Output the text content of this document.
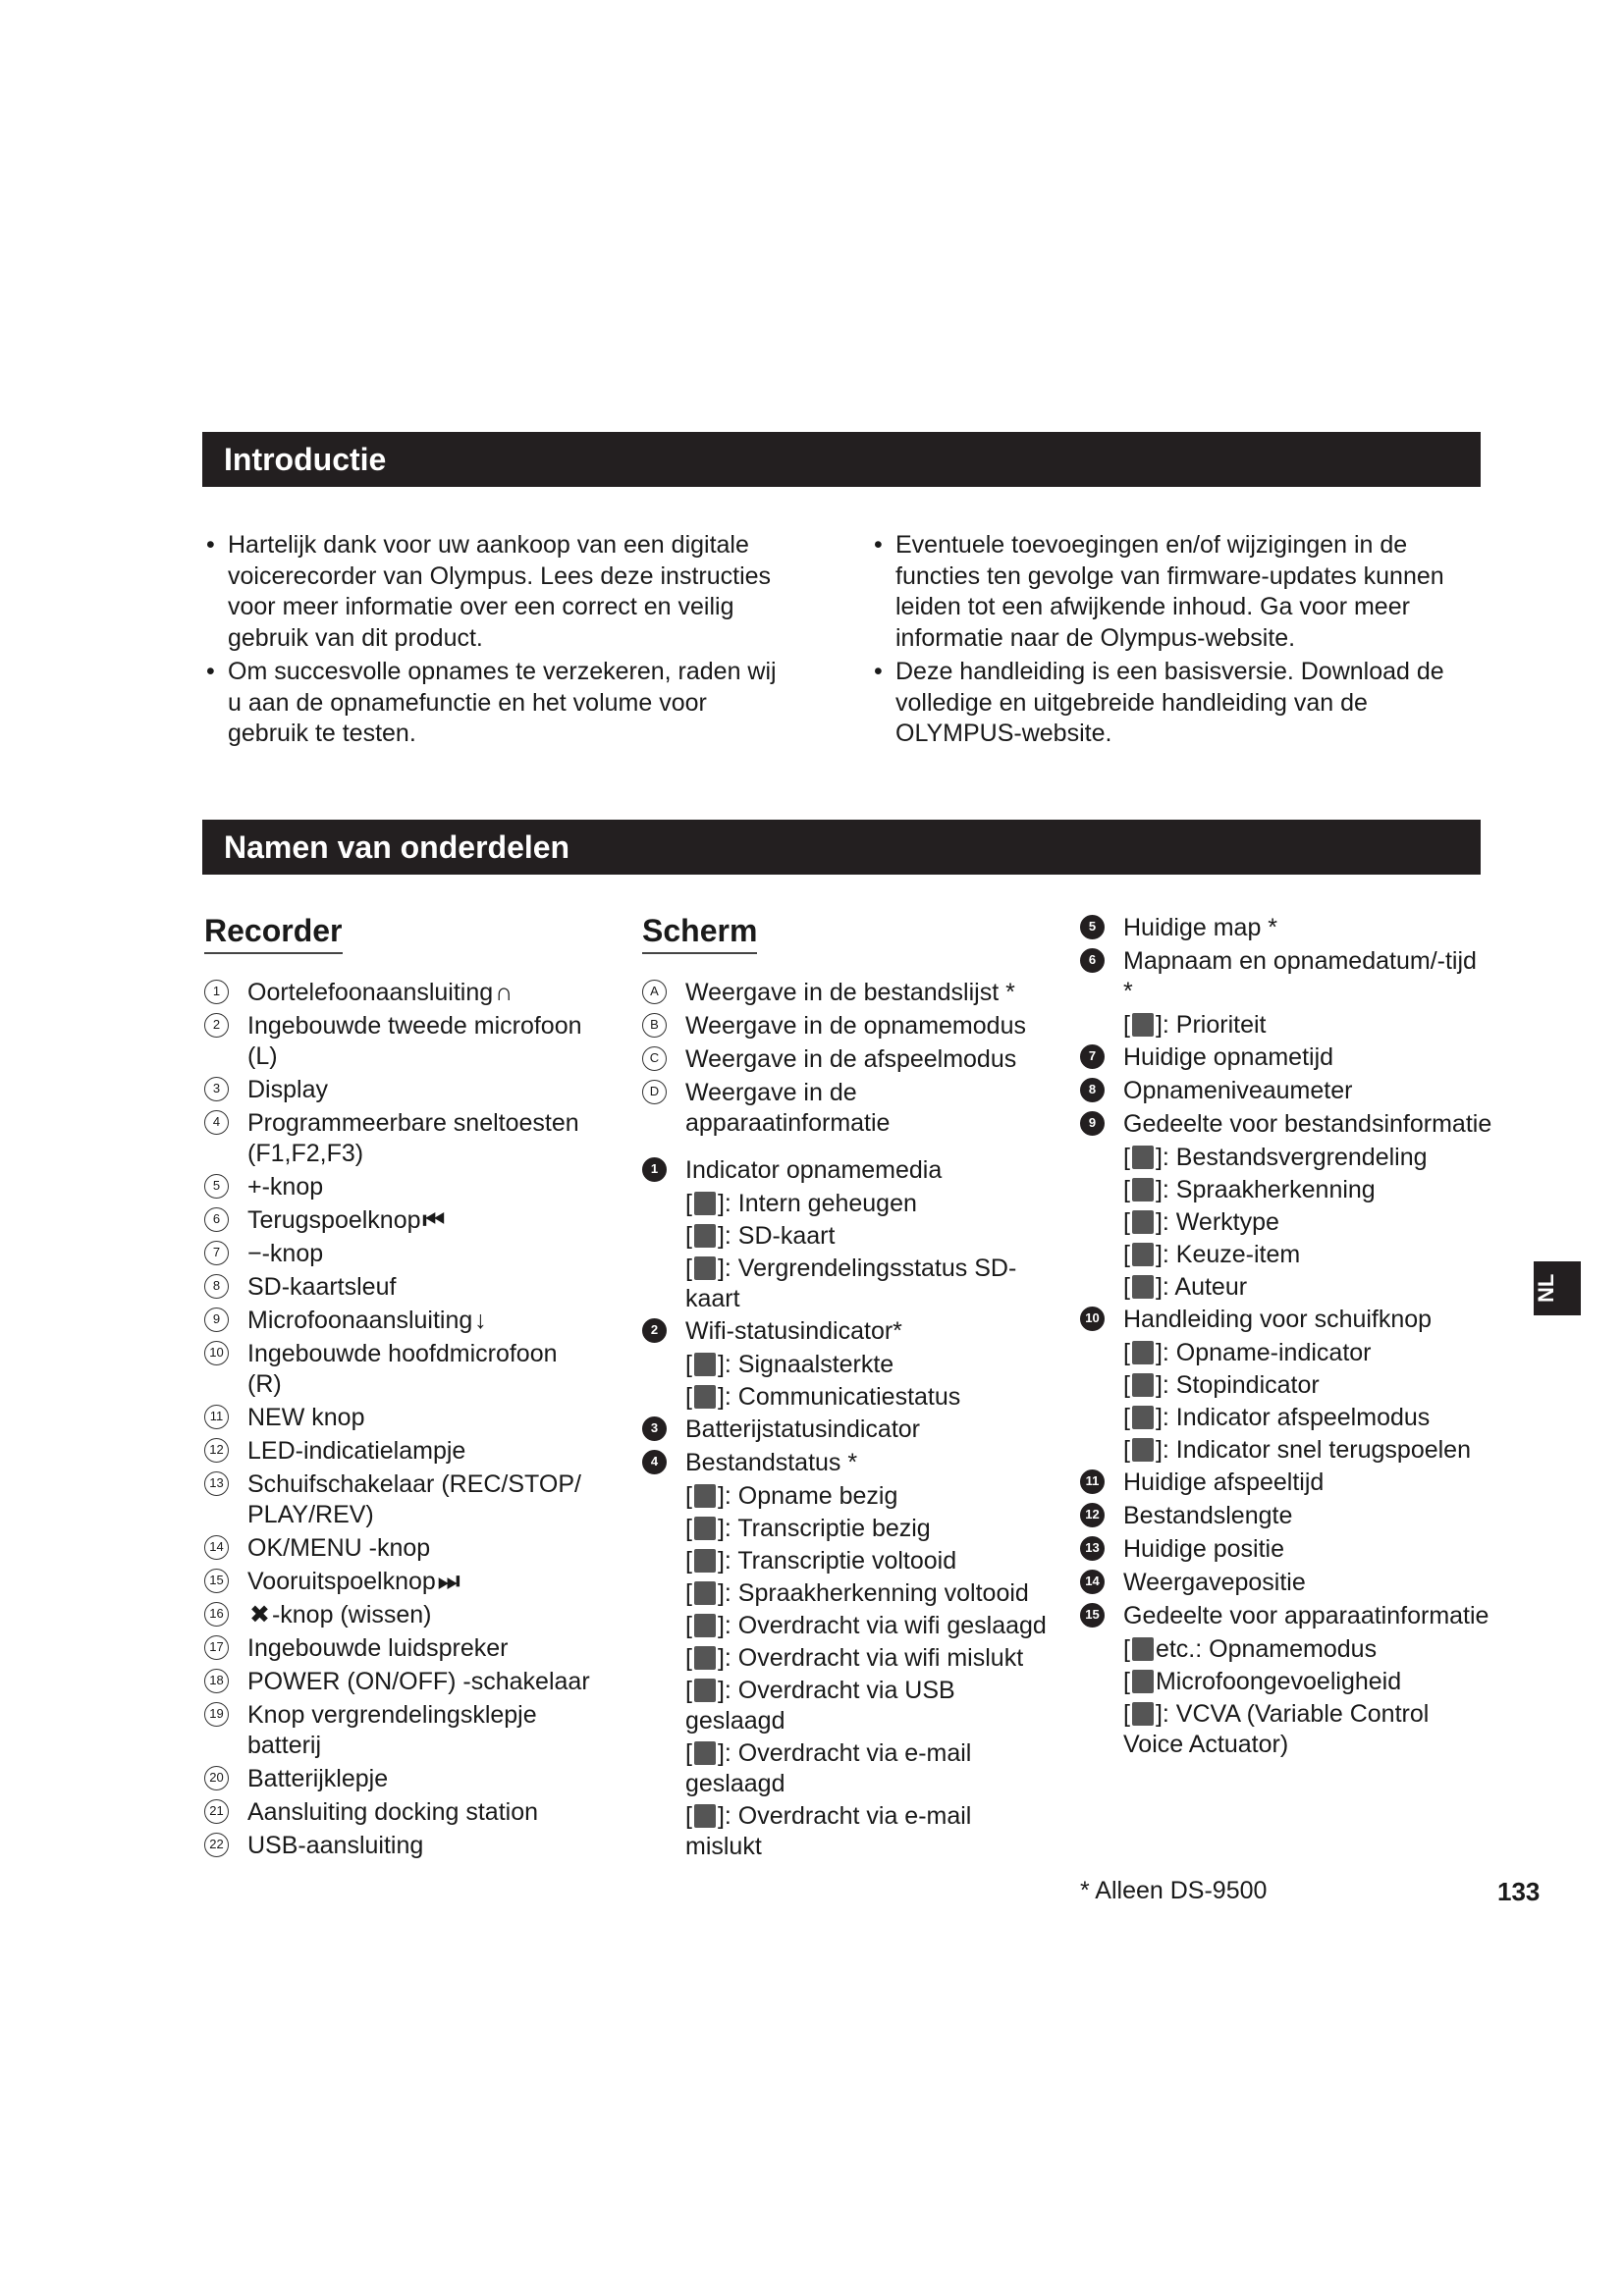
Introductie
• Hartelijk dank voor uw aankoop van een digitale voicerecorder van Olympus. Lees deze instructies voor meer informatie over een correct en veilig gebruik van dit product.
• Om succesvolle opnames te verzekeren, raden wij u aan de opnamefunctie en het volume voor gebruik te testen.
• Eventuele toevoegingen en/of wijzigingen in de functies ten gevolge van firmware-updates kunnen leiden tot een afwijkende inhoud. Ga voor meer informatie naar de Olympus-website.
• Deze handleiding is een basisversie. Download de volledige en uitgebreide handleiding van de OLYMPUS-website.
Namen van onderdelen
Recorder
1	Oortelefoonaansluiting∩
2	Ingebouwde tweede microfoon (L)
3	Display
4	Programmeerbare sneltoesten (F1,F2,F3)
5	+-knop
6	Terugspoelknop⏮
7	−-knop
8	SD-kaartsleuf
9	Microfoonaansluiting↓
10 Ingebouwde hoofdmicrofoon (R)
11 NEW knop
12 LED-indicatielampje
13 Schuifschakelaar (REC/STOP/ PLAY/REV)
14 OK/MENU -knop
15 Vooruitspoelknop⏭
16 ✖-knop (wissen)
17 Ingebouwde luidspreker
18 POWER (ON/OFF) -schakelaar
19 Knop vergrendelingsklepje batterij
20 Batterijklepje
21 Aansluiting docking station
22 USB-aansluiting
Scherm
A	Weergave in de bestandslijst *
B	Weergave in de opnamemodus
C	Weergave in de afspeelmodus
D	Weergave in de apparaatinformatie
1	Indicator opnamemedia
[ ]: Intern geheugen
[ ]: SD-kaart
[ ]: Vergrendelingsstatus SD-kaart
2	Wifi-statusindicator*
[ ]: Signaalsterkte
[ ]: Communicatiestatus
3	Batterijstatusindicator
4	Bestandstatus *
[ ]: Opname bezig
[ ]: Transcriptie bezig
[ ]: Transcriptie voltooid
[ ]: Spraakherkenning voltooid
[ ]: Overdracht via wifi geslaagd
[ ]: Overdracht via wifi mislukt
[ ]: Overdracht via USB geslaagd
[ ]: Overdracht via e-mail geslaagd
[ ]: Overdracht via e-mail mislukt
5	Huidige map *
6	Mapnaam en opnamedatum/-tijd *
[ ]: Prioriteit
7	Huidige opnametijd
8	Opnameniveaumeter
9	Gedeelte voor bestandsinformatie
[ ]: Bestandsvergrendeling
[ ]: Spraakherkenning
[ ]: Werktype
[ ]: Keuze-item
[ ]: Auteur
10 Handleiding voor schuifknop
[ ]: Opname-indicator
[ ]: Stopindicator
[ ]: Indicator afspeelmodus
[ ]: Indicator snel terugspoelen
11 Huidige afspeeltijd
12 Bestandslengte
13 Huidige positie
14 Weergavepositie
15 Gedeelte voor apparaatinformatie
[ etc.: Opnamemodus
[ Microfoongevoeligheid
[ ]: VCVA (Variable Control Voice Actuator)
* Alleen DS-9500	133
NL
